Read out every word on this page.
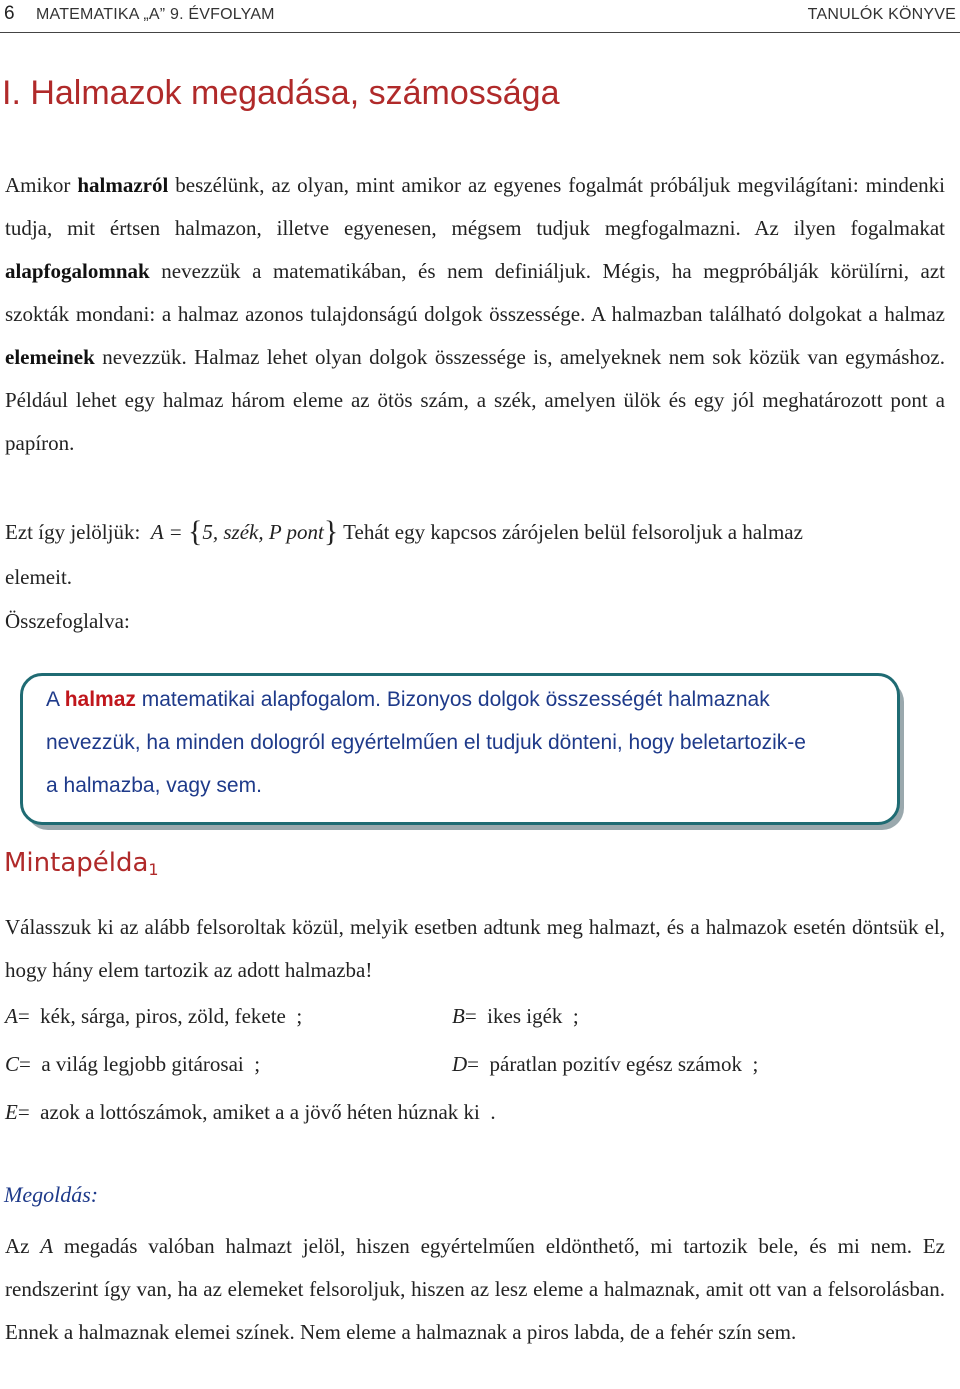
6 MATEMATIKA „A” 9. ÉVFOLYAM	TANULÓK KÖNYVE
I. Halmazok megadása, számossága
Amikor halmazról beszélünk, az olyan, mint amikor az egyenes fogalmát próbáljuk megvilágítani: mindenki tudja, mit értsen halmazon, illetve egyenesen, mégsem tudjuk megfogalmazni. Az ilyen fogalmakat alapfogalomnak nevezzük a matematikában, és nem definiáljuk. Mégis, ha megpróbálják körülírni, azt szokták mondani: a halmaz azonos tulajdonságú dolgok összessége. A halmazban található dolgokat a halmaz elemeinek nevezzük. Halmaz lehet olyan dolgok összessége is, amelyeknek nem sok közük van egymáshoz. Például lehet egy halmaz három eleme az ötös szám, a szék, amelyen ülök és egy jól meghatározott pont a papíron.
Ezt így jelöljük: A = {5, szék, P pont} Tehát egy kapcsos zárójelen belül felsoroljuk a halmaz
elemeit.
Összefoglalva:
A halmaz matematikai alapfogalom. Bizonyos dolgok összességét halmaznak nevezzük, ha minden dologról egyértelműen el tudjuk dönteni, hogy beletartozik-e a halmazba, vagy sem.
Mintapélda$_1$
Válasszuk ki az alább felsoroltak közül, melyik esetben adtunk meg halmazt, és a halmazok esetén döntsük el, hogy hány elem tartozik az adott halmazba!
A= kék, sárga, piros, zöld, fekete ;	B= ikes igék ;
C= a világ legjobb gitárosai ;	D= páratlan pozitív egész számok ;
E= azok a lottószámok, amiket a a jövő héten húznak ki .
Megoldás:
Az A megadás valóban halmazt jelöl, hiszen egyértelműen eldönthető, mi tartozik bele, és mi nem. Ez rendszerint így van, ha az elemeket felsoroljuk, hiszen az lesz eleme a halmaznak, amit ott van a felsorolásban. Ennek a halmaznak elemei színek. Nem eleme a halmaznak a piros labda, de a fehér szín sem.
